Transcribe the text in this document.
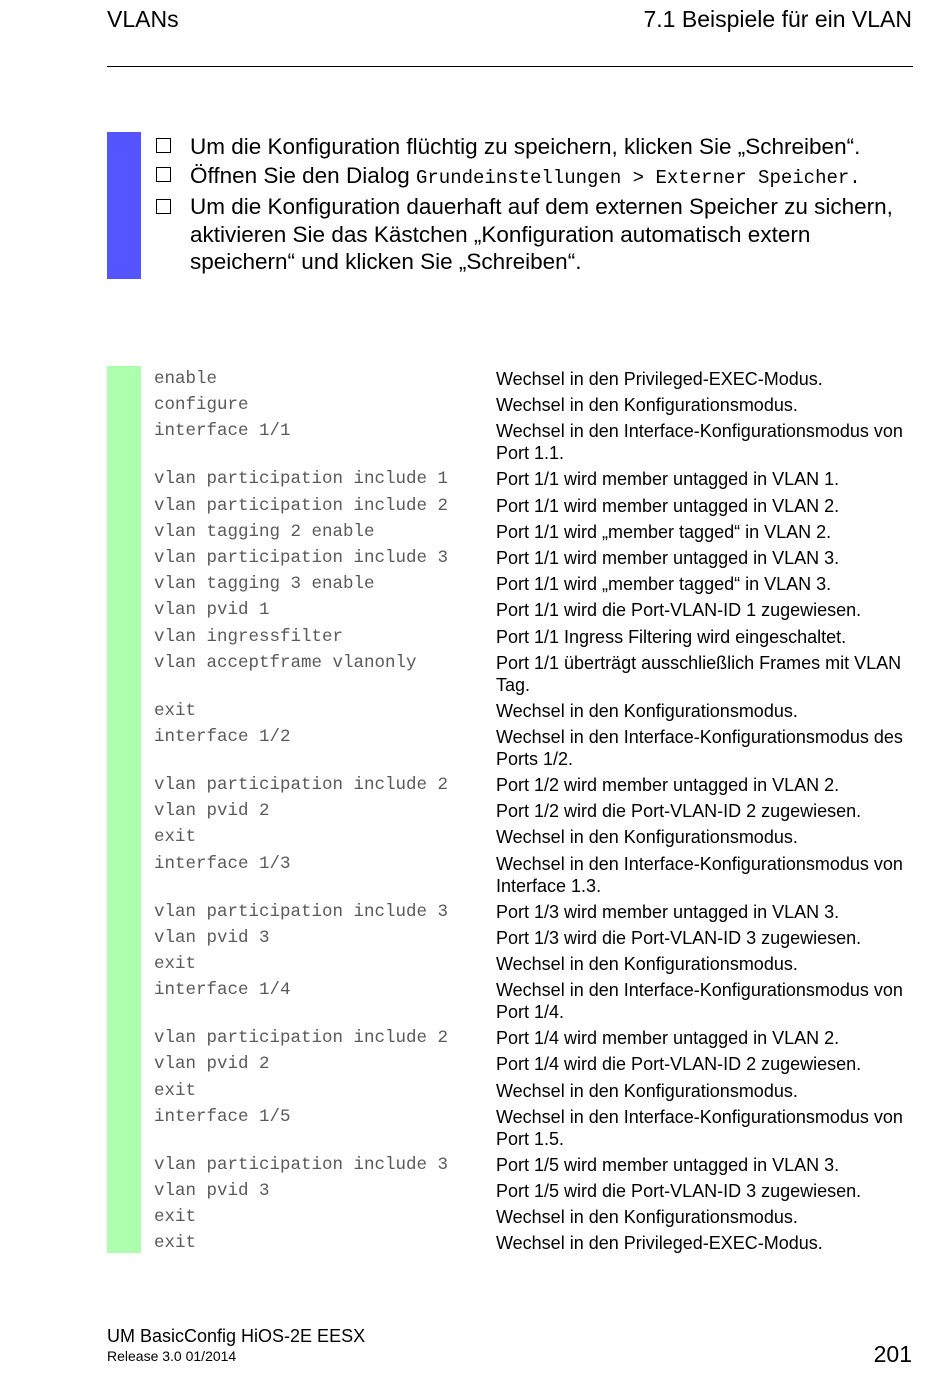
VLANs	7.1 Beispiele für ein VLAN

Um die Konfiguration flüchtig zu speichern, klicken Sie „Schreiben“.

Öffnen Sie den Dialog Grundeinstellungen > Externer Speicher.

Um die Konfiguration dauerhaft auf dem externen Speicher zu sichern, aktivieren Sie das Kästchen „Konfiguration automatisch extern speichern“ und klicken Sie „Schreiben“.

enable	Wechsel in den Privileged-EXEC-Modus.
configure	Wechsel in den Konfigurationsmodus.
interface 1/1	Wechsel in den Interface-Konfigurationsmodus von Port 1.1.
vlan participation include 1	Port 1/1 wird member untagged in VLAN 1.
vlan participation include 2	Port 1/1 wird member untagged in VLAN 2.
vlan tagging 2 enable	Port 1/1 wird „member tagged“ in VLAN 2.
vlan participation include 3	Port 1/1 wird member untagged in VLAN 3.
vlan tagging 3 enable	Port 1/1 wird „member tagged“ in VLAN 3.
vlan pvid 1	Port 1/1 wird die Port-VLAN-ID 1 zugewiesen.
vlan ingressfilter	Port 1/1 Ingress Filtering wird eingeschaltet.
vlan acceptframe vlanonly	Port 1/1 überträgt ausschließlich Frames mit VLAN Tag.
exit	Wechsel in den Konfigurationsmodus.
interface 1/2	Wechsel in den Interface-Konfigurationsmodus des Ports 1/2.
vlan participation include 2	Port 1/2 wird member untagged in VLAN 2.
vlan pvid 2	Port 1/2 wird die Port-VLAN-ID 2 zugewiesen.
exit	Wechsel in den Konfigurationsmodus.
interface 1/3	Wechsel in den Interface-Konfigurationsmodus von Interface 1.3.
vlan participation include 3	Port 1/3 wird member untagged in VLAN 3.
vlan pvid 3	Port 1/3 wird die Port-VLAN-ID 3 zugewiesen.
exit	Wechsel in den Konfigurationsmodus.
interface 1/4	Wechsel in den Interface-Konfigurationsmodus von Port 1/4.
vlan participation include 2	Port 1/4 wird member untagged in VLAN 2.
vlan pvid 2	Port 1/4 wird die Port-VLAN-ID 2 zugewiesen.
exit	Wechsel in den Konfigurationsmodus.
interface 1/5	Wechsel in den Interface-Konfigurationsmodus von Port 1.5.
vlan participation include 3	Port 1/5 wird member untagged in VLAN 3.
vlan pvid 3	Port 1/5 wird die Port-VLAN-ID 3 zugewiesen.
exit	Wechsel in den Konfigurationsmodus.
exit	Wechsel in den Privileged-EXEC-Modus.
UM BasicConfig HiOS-2E EESX
Release 3.0 01/2014	201
